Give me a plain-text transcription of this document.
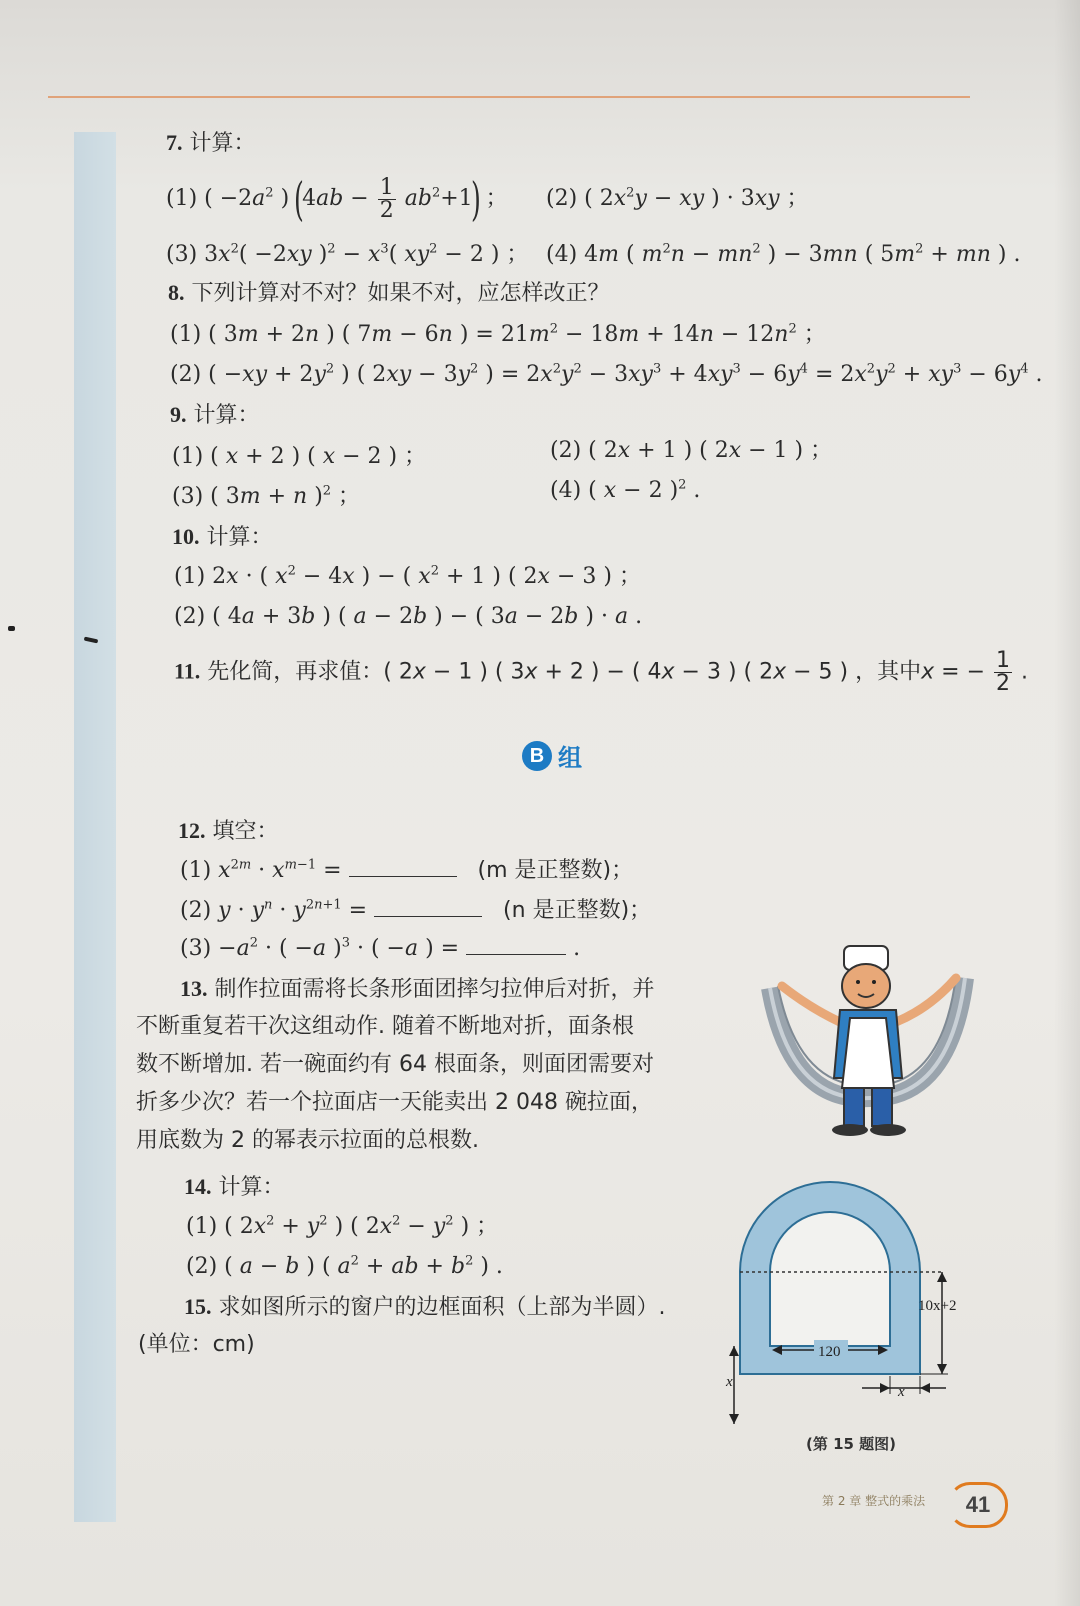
7. 计算：
(1) ( $-2a^2$ ) $(4ab - \frac{1}{2} ab^2+1)$ ； (2) ( $2x^2y$ − xy ) · 3xy ；
(3) $3x^2( -2xy$ )$^2 - x^3$( $xy^2 - 2$ ) ； (4) 4m ( $m^2n - mn^2$ ) − 3mn ( $5m^2$ + mn ) .
8. 下列计算对不对？如果不对，应怎样改正？
(1) ( 3m + 2n ) ( 7m − 6n ) = $21m^2 - 18m + 14n - 12n^2$ ；
(2) ( $-xy + 2y^2$ ) ( $2xy - 3y^2$ ) = $2x^2y^2 - 3xy^3 + 4xy^3 - 6y^4 = 2x^2y^2 + xy^3 - 6y^4$ .
9. 计算：
(1) ( x + 2 ) ( x − 2 ) ；	(2) ( 2x + 1 ) ( 2x − 1 ) ；
(3) ( 3m + n )$^2$ ；	(4) ( x − 2 )$^2$ .
10. 计算：
(1) 2x · ( $x^2 - 4x$ ) − ( $x^2 + 1$ ) ( 2x − 3 ) ；
(2) ( 4a + 3b ) ( a − 2b ) − ( 3a − 2b ) · a .
11. 先化简，再求值：( 2x − 1 ) ( 3x + 2 ) − ( 4x − 3 ) ( 2x − 5 ) ，其中x = − $\frac{1}{2}$ .
B 组
12. 填空：
(1) $x^{2m} \cdot x^{m-1}$ =	(m 是正整数)；
(2) $y \cdot y^n \cdot y^{2n+1}$ =	(n 是正整数)；
$(3) -a^2$ · ( −a )$^3$ · ( −a ) =	.
13. 制作拉面需将长条形面团摔匀拉伸后对折，并
不断重复若干次这组动作. 随着不断地对折，面条根
数不断增加. 若一碗面约有 64 根面条，则面团需要对
折多少次？若一个拉面店一天能卖出 2 048 碗拉面，
用底数为 2 的幂表示拉面的总根数.
14. 计算：
(1) ( $2x^2 + y^2$ ) ( $2x^2 - y^2$ ) ；
(2) ( a − b ) ( $a^2$ + ab + $b^2$ ) .
15. 求如图所示的窗户的边框面积（上部为半圆）.
(单位：cm)
10x+2
120
x
x
(第 15 题图)
第 2 章 整式的乘法	41
